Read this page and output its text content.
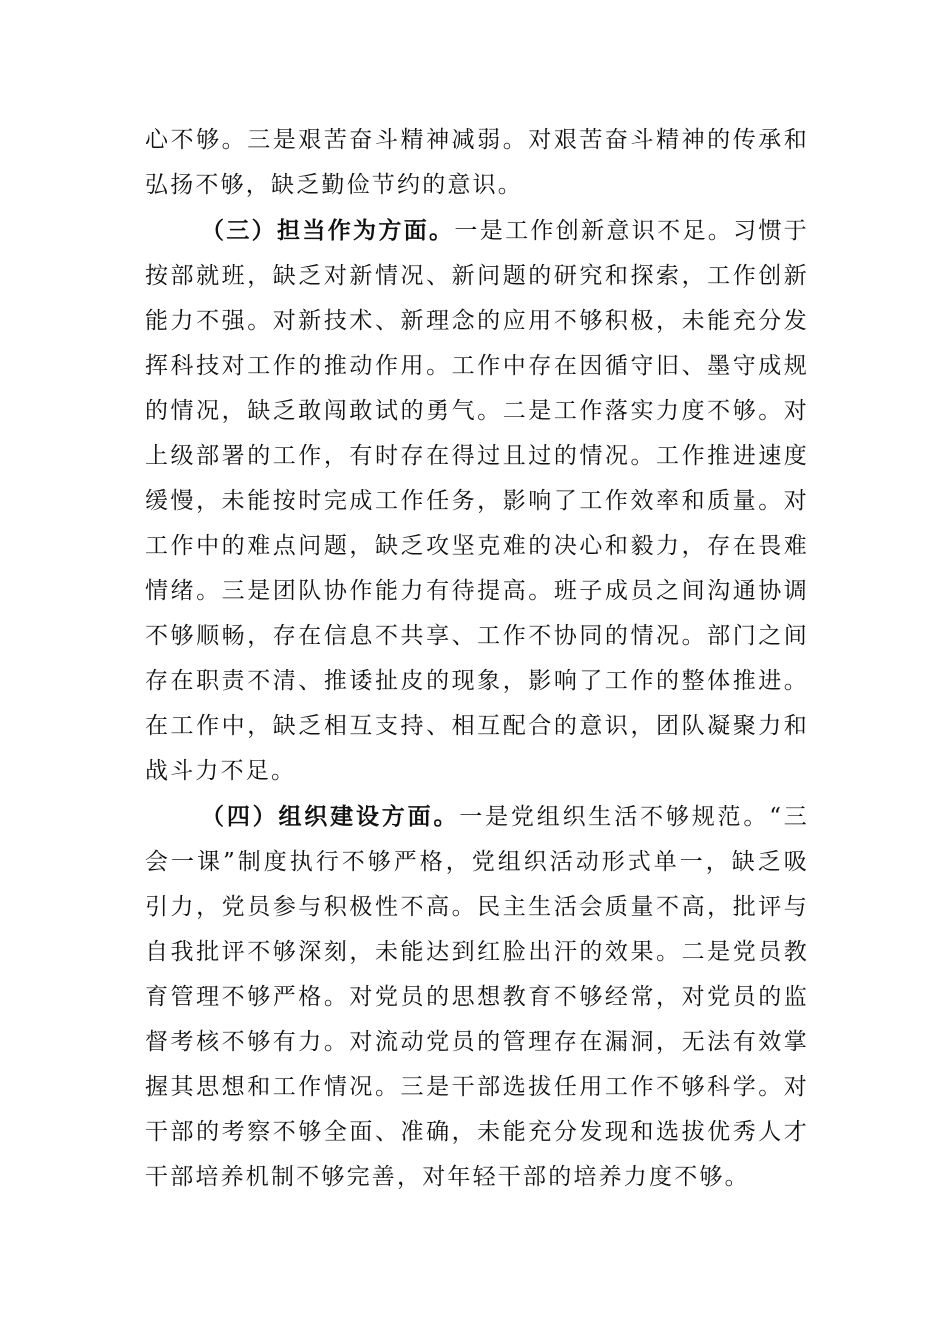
心不够。三是艰苦奋斗精神减弱。对艰苦奋斗精神的传承和弘扬不够，缺乏勤俭节约的意识。

（三）担当作为方面。一是工作创新意识不足。习惯于按部就班，缺乏对新情况、新问题的研究和探索，工作创新能力不强。对新技术、新理念的应用不够积极，未能充分发挥科技对工作的推动作用。工作中存在因循守旧、墨守成规的情况，缺乏敢闯敢试的勇气。二是工作落实力度不够。对上级部署的工作，有时存在得过且过的情况。工作推进速度缓慢，未能按时完成工作任务，影响了工作效率和质量。对工作中的难点问题，缺乏攻坚克难的决心和毅力，存在畏难情绪。三是团队协作能力有待提高。班子成员之间沟通协调不够顺畅，存在信息不共享、工作不协同的情况。部门之间存在职责不清、推诿扯皮的现象，影响了工作的整体推进。在工作中，缺乏相互支持、相互配合的意识，团队凝聚力和战斗力不足。

（四）组织建设方面。一是党组织生活不够规范。“三会一课”制度执行不够严格，党组织活动形式单一，缺乏吸引力，党员参与积极性不高。民主生活会质量不高，批评与自我批评不够深刻，未能达到红脸出汗的效果。二是党员教育管理不够严格。对党员的思想教育不够经常，对党员的监督考核不够有力。对流动党员的管理存在漏洞，无法有效掌握其思想和工作情况。三是干部选拔任用工作不够科学。对干部的考察不够全面、准确，未能充分发现和选拔优秀人才干部培养机制不够完善，对年轻干部的培养力度不够。
